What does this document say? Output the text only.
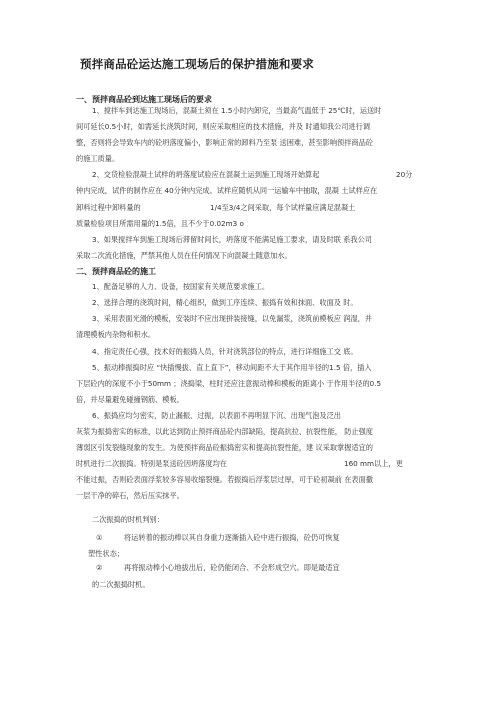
预拌商品砼运达施工现场后的保护措施和要求
一、预拌商品砼到达施工现场后的要求
1、搅拌车到达施工现场后，混凝土须在 1.5小时内卸完，当最高气温低于 25℃时，运送时
间可延长0.5小时，如需延长浇筑时间，则应采取相应的技术措施，并及 时通知我公司进行调
整，否则将会导致车内的砼坍落度偏小，影响正常的卸料乃至泵 送困难，甚至影响预拌商品砼
的施工质量。
2、交货检验混凝土试样的坍落度试验应在混凝土运到施工现场开始算起	20分
钟内完成，试件的制作应在 40分钟内完成。试样应随机从同一运输车中抽取，混凝 土试样应在
卸料过程中卸料量的	1/4至3/4之间采取，每个试样量应满足混凝土
质量检验项目所需用量的1.5倍，且不少于0.02m3 o
3、如果搅拌车到施工现场后滞留时间长，坍落度不能满足施工要求，请及时联 系我公司
采取二次流化措施，严禁其他人员在任何情况下向混凝土随意加水。
二、预拌商品砼的施工
1、配备足够的人力、设备，按国家有关规范要求施工。
2、选择合理的浇筑时间，精心组织，做到工序连续、振捣有效和抹面、收面及 时。
3、采用表面光滑的模板，安装时不应出现拼装接缝，以免漏浆，浇筑前模板应 润湿，并
清理模板内杂物和积水。
4、指定责任心强，技术好的振捣人员，针对浇筑部位的特点，进行详细施工交 底。
5、振动棒振捣时应 “快插慢拔、直上直下”，移动间距不大于其作用半径的1.5 倍，插入
下层砼内的深度不小于50mm ；浇捣梁、柱时还应注意振动棒和模板的距离小 于作用半径的0.5
倍，并尽量避免碰撞钢筋、模板。
6、振捣应均匀密实，防止漏振、过振，以表面不再明显下沉、出现气泡及泛出
灰浆为振捣密实的标准，以此达到防止预拌商品砼内部缺陷，提高抗拉、抗裂性能， 防止强度
薄弱区引发裂缝现象的发生。为使预拌商品砼振捣密实和提高抗裂性能，建 议采取掌握适宜的
时机进行二次振捣。特别是泵送砼因坍落度均在	160 mm以上，更
不能过振，否则砼表面浮浆较多容易收缩裂缝。若振捣后浮浆层过厚，可于砼初凝前 在表面撒
一层干净的碎石，然后压实抹平。
二次振捣的时机判别：
①	将运转着的振动棒以其自身重力逐渐插入砼中进行振捣，砼仍可恢复
塑性状态；
②	再将振动棒小心地拔出后，砼仍能闭合、不会形成空穴。即是最适宜
的二次振捣时机。
